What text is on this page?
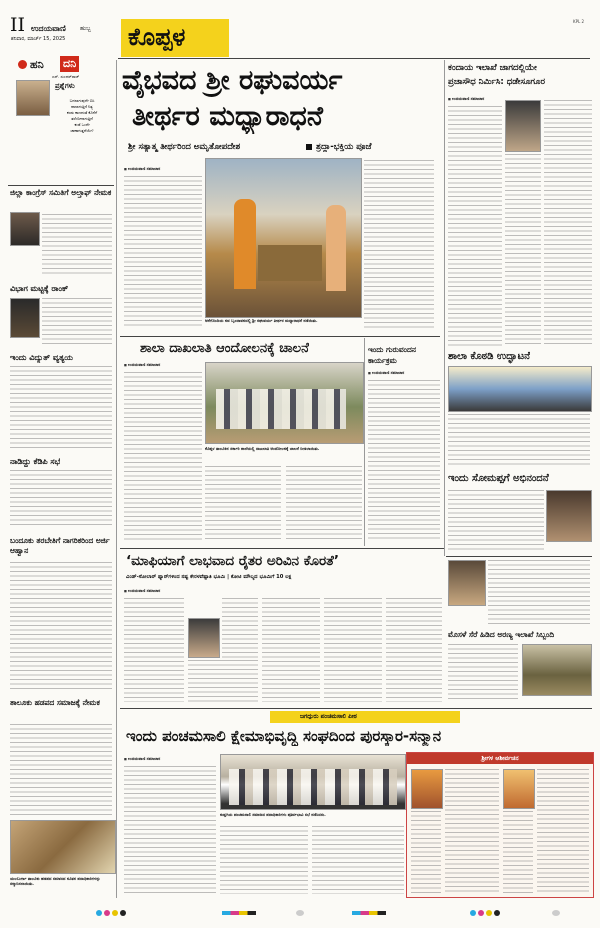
II ಉದಯವಾಣಿ ಹುಬ್ಬ
ಶನಿವಾರ, ಮಾರ್ಚ್ 15, 2025	ಕೊಪ್ಪಳ
KPL 2
ಹನಿ ದನಿ
ಎಸ್. ಸುಂದರ್‌ರಾಜ್
ಪ್ರಶ್ನೆಗಳು
ಬದಲಾಗುವುದೇ ಬಿಸಿ
ಪಾಲಾಗುತ್ತಿದೆ ನಿತ್ಯ
ಕಂಡು ಕಾಣದಂತೆ ಕೊನೆಗೆ
ತಲೆಯೇನಾಗುತ್ತಿದೆ
ಕಂಡೆ ಒಂದೇ
ಜಾಣಾಗುತ್ತದೆಯೇ?
ಜಿಲ್ಲಾ ಕಾಂಗ್ರೆಸ್ ಸಮಿತಿಗೆ ಅಲ್ತಾಫ್ ನೇಮಕ
ವಿಭಾಗ ಮಟ್ಟಕ್ಕೆ ರಾಂಕ್
ಇಂದು ವಿದ್ಯುತ್ ವ್ಯತ್ಯಯ
ನಾಡಿದ್ದು ಕೆಡಿಪಿ ಸಭೆ
ಬಂದೂಕು ತರಬೇತಿಗೆ ನಾಗರಿಕರಿಂದ ಅರ್ಜಿ ಆಹ್ವಾನ
ತಾಲೂಕು ಹಡಪದ ಸಮಾಜಕ್ಕೆ ನೇಮಕ
ಯಲಬುರ್ಗಾ ತಾಲೂಕು ಹಡಪದ ಸಮಾಜದ ನೂತನ ಪದಾಧಿಕಾರಿಗಳನ್ನು ಸನ್ಮಾನಿಸಲಾಯಿತು.
ವೈಭವದ ಶ್ರೀ ರಘುವರ್ಯ
ತೀರ್ಥರ ಮಧ್ಯಾರಾಧನೆ
ಶ್ರೀ ಸತ್ಯಾತ್ಮ ತೀರ್ಥರಿಂದ ಅಮೃತೋಪದೇಶ	ಶ್ರದ್ಧಾ-ಭಕ್ತಿಯ ಪೂಜೆ
■ ಉದಯವಾಣಿ ಸಮಾಚಾರ
ಆನೆಗೊಂದಿಯ ನವ ಬೃಂದಾವನದಲ್ಲಿ ಶ್ರೀ ರಘುವರ್ಯ ತೀರ್ಥರ ಮಧ್ಯಾರಾಧನೆ ನಡೆಯಿತು.
ಶಾಲಾ ದಾಖಲಾತಿ ಆಂದೋಲನಕ್ಕೆ ಚಾಲನೆ
■ ಉದಯವಾಣಿ ಸಮಾಚಾರ
ಕೊಪ್ಪಳ ತಾಲೂಕಿನ ಸರ್ಕಾರಿ ಶಾಲೆಯಲ್ಲಿ ದಾಖಲಾತಿ ಆಂದೋಲನಕ್ಕೆ ಚಾಲನೆ ನೀಡಲಾಯಿತು.
ಇಂದು ಗುರುವಂದನ ಕಾರ್ಯಕ್ರಮ
■ ಉದಯವಾಣಿ ಸಮಾಚಾರ
ಕಂದಾಯ ಇಲಾಖೆ ಜಾಗದಲ್ಲಿಯೇ
ಪ್ರಜಾಸೌಧ ನಿರ್ಮಿಸಿ: ಧಡೇಸೂಗೂರ
■ ಉದಯವಾಣಿ ಸಮಾಚಾರ
ಶಾಲಾ ಕೊಠಡಿ ಉದ್ಘಾಟನೆ
ಇಂದು ಸೋಮಪ್ಪಗೆ ಅಭಿನಂದನೆ
ಮೊಸಳೆ ಸೆರೆ ಹಿಡಿದ ಅರಣ್ಯ ಇಲಾಖೆ ಸಿಬ್ಬಂದಿ
‘ಮಾಫಿಯಾಗೆ ಲಾಭವಾದ ರೈತರ ಅರಿವಿನ ಕೊರತೆ’
ವಿಂಡ್-ಸೋಲಾರ್ ಫ್ಯಾನ್‌ಗಳಿಂದ ನಷ್ಟ ಕೇರಳವೆಷ್ಟಾತಿ ಭೂಮಿ | ಕೋಟಿ ಮೌಲ್ಯದ ಭೂಮಿಗೆ 10 ಲಕ್ಷ
■ ಉದಯವಾಣಿ ಸಮಾಚಾರ
ಜಗದ್ಗುರು ಪಂಚಮಸಾಲಿ ಪೀಠ
ಇಂದು ಪಂಚಮಸಾಲಿ ಕ್ಷೇಮಾಭಿವೃದ್ಧಿ ಸಂಘದಿಂದ ಪುರಸ್ಕಾರ-ಸನ್ಮಾನ
■ ಉದಯವಾಣಿ ಸಮಾಚಾರ
ಕುಷ್ಟಗಿಯ ಪಂಚಮಸಾಲಿ ಸಮಾಜದ ಪದಾಧಿಕಾರಿಗಳು ಪೂರ್ವಭಾವಿ ಸಭೆ ನಡೆಸಿದರು.
ಶ್ರೀಗಳ ಆಶೀರ್ವಚನ
